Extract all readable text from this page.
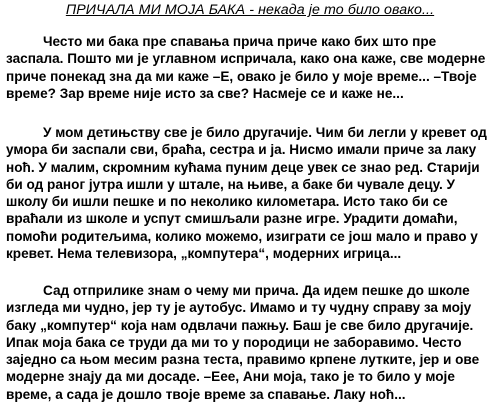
ПРИЧАЛА МИ МОЈА БАКА - некада је то било овако...
Често ми бака пре спавања прича приче како бих што пре
заспала. Пошто ми је углавном испричала, како она каже, све модерне
приче понекад зна да ми каже –Е, овако је било у моје време... –Твоје
време? Зар време није исто за све? Насмеје се и каже не...
У мом детињству све је било другачије. Чим би легли у кревет од
умора би заспали сви, браћа, сестра и ја. Нисмо имали приче за лаку
ноћ. У малим, скромним кућама пуним деце увек се знао ред. Старији
би од раног јутра ишли у штале, на њиве, а баке би чувале децу. У
школу би ишли пешке и по неколико километара. Исто тако би се
враћали из школе и успут смишљали разне игре. Урадити домаћи,
помоћи родитељима, колико можемо, изиграти се још мало и право у
кревет. Нема телевизора, „компутера“, модерних игрица...
Сад отприлике знам о чему ми прича. Да идем пешке до школе
изгледа ми чудно, јер ту је аутобус. Имамо и ту чудну справу за моју
баку „компутер“ која нам одвлачи пажњу. Баш је све било другачије.
Ипак моја бака се труди да ми то у породици не заборавимо. Често
заједно са њом месим разна теста, правимо крпене лутките, јер и ове
модерне знају да ми досаде. –Еее, Ани моја, тако је то било у моје
време, а сада је дошло твоје време за спавање. Лаку ноћ...
